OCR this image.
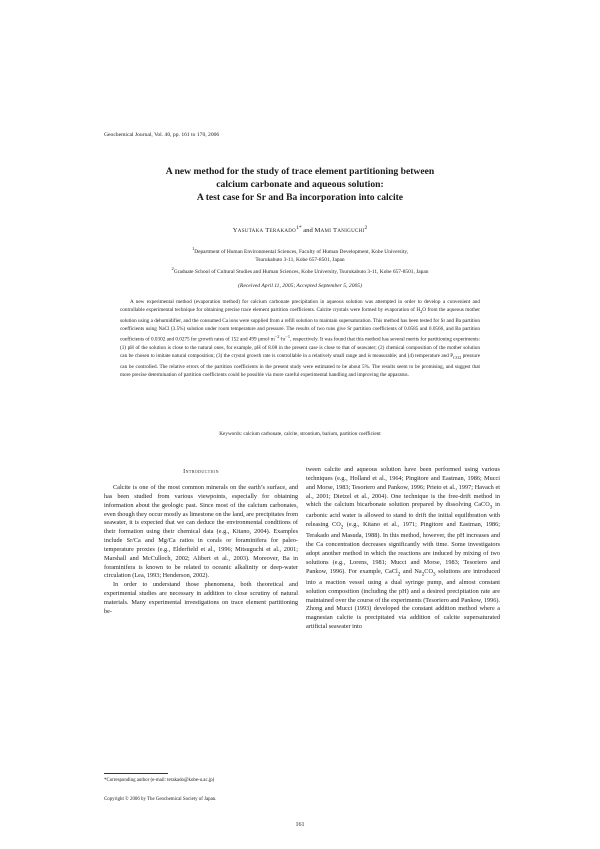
Geochemical Journal, Vol. 40, pp. 161 to 170, 2006
A new method for the study of trace element partitioning between
calcium carbonate and aqueous solution:
A test case for Sr and Ba incorporation into calcite
Yasutaka Terakado$^{1*}$ and Mami Taniguchi$^2$
$^1$Department of Human Environmental Sciences, Faculty of Human Development, Kobe University,
Tsurukabuto 3-11, Kobe 657-8501, Japan
$^2$Graduate School of Cultural Studies and Human Sciences, Kobe University, Tsurukabuto 3-11, Kobe 657-8501, Japan
(Received April 11, 2005; Accepted September 5, 2005)

A new experimental method (evaporation method) for calcium carbonate precipitation in aqueous solution was attempted in order to develop a convenient and controllable experimental technique for obtaining precise trace element partition coefficients. Calcite crystals were formed by evaporation of $H_2O$ from the aqueous mother solution using a dehumidifier, and the consumed Ca ions were supplied from a refill solution to maintain supersaturation. This method has been tested for Sr and Ba partition coefficients using NaCl (3.5%) solution under room temperature and pressure. The results of two runs give Sr partition coefficients of 0.0585 and 0.0566, and Ba partition coefficients of 0.0302 and 0.0275 for growth rates of 152 and 499 $\mu mol\cdot m^{-2}\cdot hr^{-1}$, respectively. It was found that this method has several merits for partitioning experiments: (1) pH of the solution is close to the natural ones, for example, pH of 8.08 in the present case is close to that of seawater; (2) chemical composition of the mother solution can be chosen to imitate natural composition; (3) the crystal growth rate is controllable in a relatively small range and is measurable; and (4) temperature and $P_{CO2}$ pressure can be controlled. The relative errors of the partition coefficients in the present study were estimated to be about 5%. The results seem to be promising, and suggest that more precise determination of partition coefficients could be possible via more careful experimental handling and improving the apparatus.

Keywords: calcium carbonate, calcite, strontium, barium, partition coefficient
Introduction

Calcite is one of the most common minerals on the earth’s surface, and has been studied from various viewpoints, especially for obtaining information about the geologic past. Since most of the calcium carbonates, even though they occur mostly as limestone on the land, are precipitates from seawater, it is expected that we can deduce the environmental conditions of their formation using their chemical data (e.g., Kitano, 2004). Examples include Sr/Ca and Mg/Ca ratios in corals or foraminifera for paleo-temperature proxies (e.g., Elderfield et al., 1996; Mitsuguchi et al., 2001; Marshall and McCulloch, 2002; Alibert et al., 2003). Moreover, Ba in foraminifera is known to be related to oceanic alkalinity or deep-water circulation (Lea, 1993; Henderson, 2002).

In order to understand those phenomena, both theoretical and experimental studies are necessary in addition to close scrutiny of natural materials. Many experimental investigations on trace element partitioning be-

tween calcite and aqueous solution have been performed using various techniques (e.g., Holland et al., 1964; Pingitore and Eastman, 1986; Mucci and Morse, 1983; Tesoriero and Pankow, 1996; Prieto et al., 1997; Havach et al., 2001; Dietzel et al., 2004). One technique is the free-drift method in which the calcium bicarbonate solution prepared by dissolving CaCO$_3$ in carbonic acid water is allowed to stand to drift the initial equilibration with releasing $CO_2$ (e.g., Kitano et al., 1971; Pingitore and Eastman, 1986; Terakado and Masuda, 1988). In this method, however, the pH increases and the Ca concentration decreases significantly with time. Some investigators adopt another method in which the reactions are induced by mixing of two solutions (e.g., Lorens, 1981; Mucci and Morse, 1983; Tesoriero and Pankow, 1996). For example, CaCl$_2$ and $Na_2CO_3$ solutions are introduced into a reaction vessel using a dual syringe pump, and almost constant solution composition (including the pH) and a desired precipitation rate are maintained over the course of the experiments (Tesoriero and Pankow, 1996). Zhong and Mucci (1993) developed the constant addition method where a magnesian calcite is precipitated via addition of calcite supersaturated artificial seawater into

*Corresponding author (e-mail: terakado@kobe-u.ac.jp)
Copyright © 2006 by The Geochemical Society of Japan.
161
